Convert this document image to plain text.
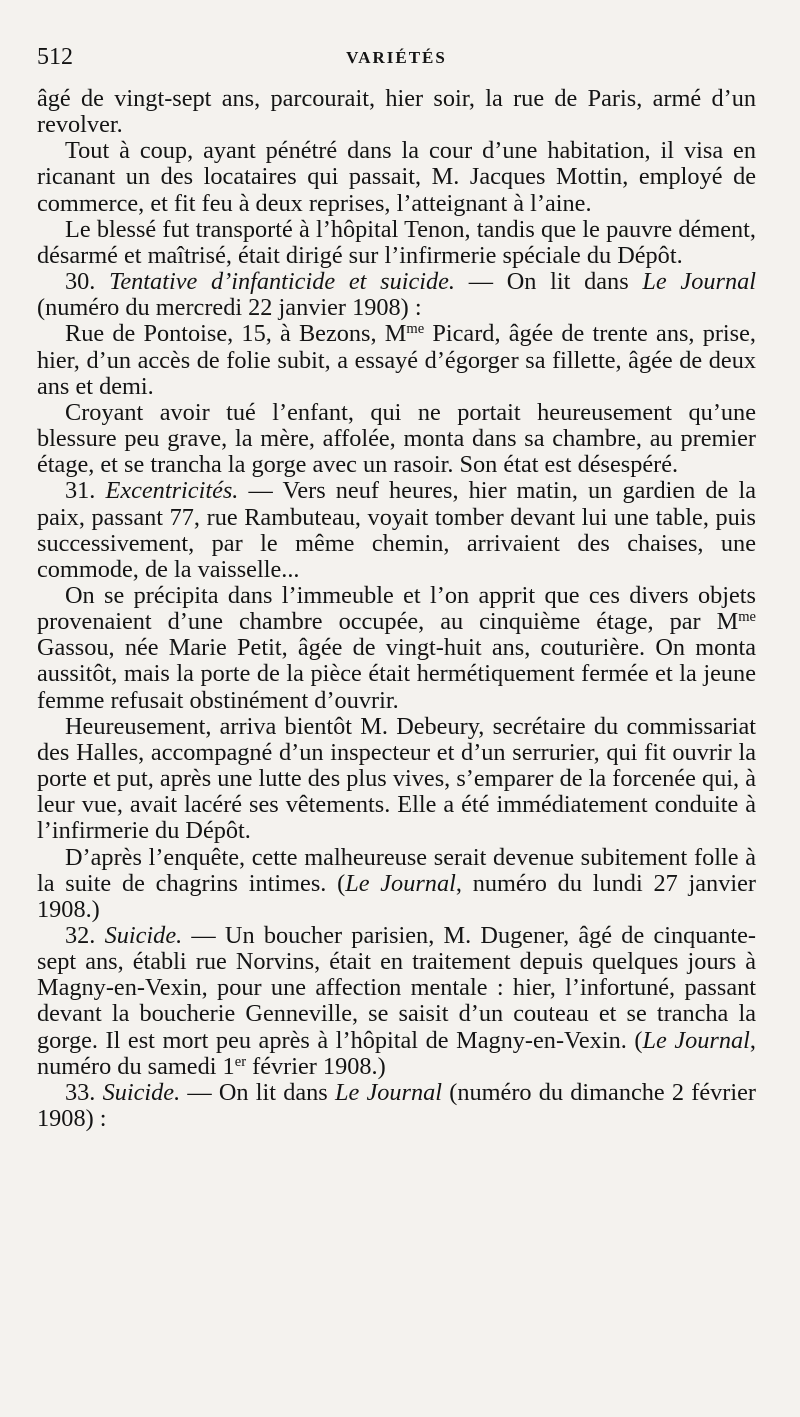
512	VARIÉTÉS

âgé de vingt-sept ans, parcourait, hier soir, la rue de Paris, armé d’un revolver.

Tout à coup, ayant pénétré dans la cour d’une habitation, il visa en ricanant un des locataires qui passait, M. Jacques Mottin, employé de commerce, et fit feu à deux reprises, l’atteignant à l’aine.

Le blessé fut transporté à l’hôpital Tenon, tandis que le pauvre dément, désarmé et maîtrisé, était dirigé sur l’infirmerie spéciale du Dépôt.

30. Tentative d’infanticide et suicide. — On lit dans Le Journal (numéro du mercredi 22 janvier 1908) :

Rue de Pontoise, 15, à Bezons, $M^{me}$ Picard, âgée de trente ans, prise, hier, d’un accès de folie subit, a essayé d’égorger sa fillette, âgée de deux ans et demi.

Croyant avoir tué l’enfant, qui ne portait heureusement qu’une blessure peu grave, la mère, affolée, monta dans sa chambre, au premier étage, et se trancha la gorge avec un rasoir. Son état est désespéré.

31. Excentricités. — Vers neuf heures, hier matin, un gardien de la paix, passant 77, rue Rambuteau, voyait tomber devant lui une table, puis successivement, par le même chemin, arrivaient des chaises, une commode, de la vaisselle...

On se précipita dans l’immeuble et l’on apprit que ces divers objets provenaient d’une chambre occupée, au cinquième étage, par $M^{me}$ Gassou, née Marie Petit, âgée de vingt-huit ans, couturière. On monta aussitôt, mais la porte de la pièce était hermétiquement fermée et la jeune femme refusait obstinément d’ouvrir.

Heureusement, arriva bientôt M. Debeury, secrétaire du commissariat des Halles, accompagné d’un inspecteur et d’un serrurier, qui fit ouvrir la porte et put, après une lutte des plus vives, s’emparer de la forcenée qui, à leur vue, avait lacéré ses vêtements. Elle a été immédiatement conduite à l’infirmerie du Dépôt.

D’après l’enquête, cette malheureuse serait devenue subitement folle à la suite de chagrins intimes. (Le Journal, numéro du lundi 27 janvier 1908.)

32. Suicide. — Un boucher parisien, M. Dugener, âgé de cinquante-sept ans, établi rue Norvins, était en traitement depuis quelques jours à Magny-en-Vexin, pour une affection mentale : hier, l’infortuné, passant devant la boucherie Genneville, se saisit d’un couteau et se trancha la gorge. Il est mort peu après à l’hôpital de Magny-en-Vexin. (Le Journal, numéro du samedi 1er février 1908.)

33. Suicide. — On lit dans Le Journal (numéro du dimanche 2 février 1908) :
